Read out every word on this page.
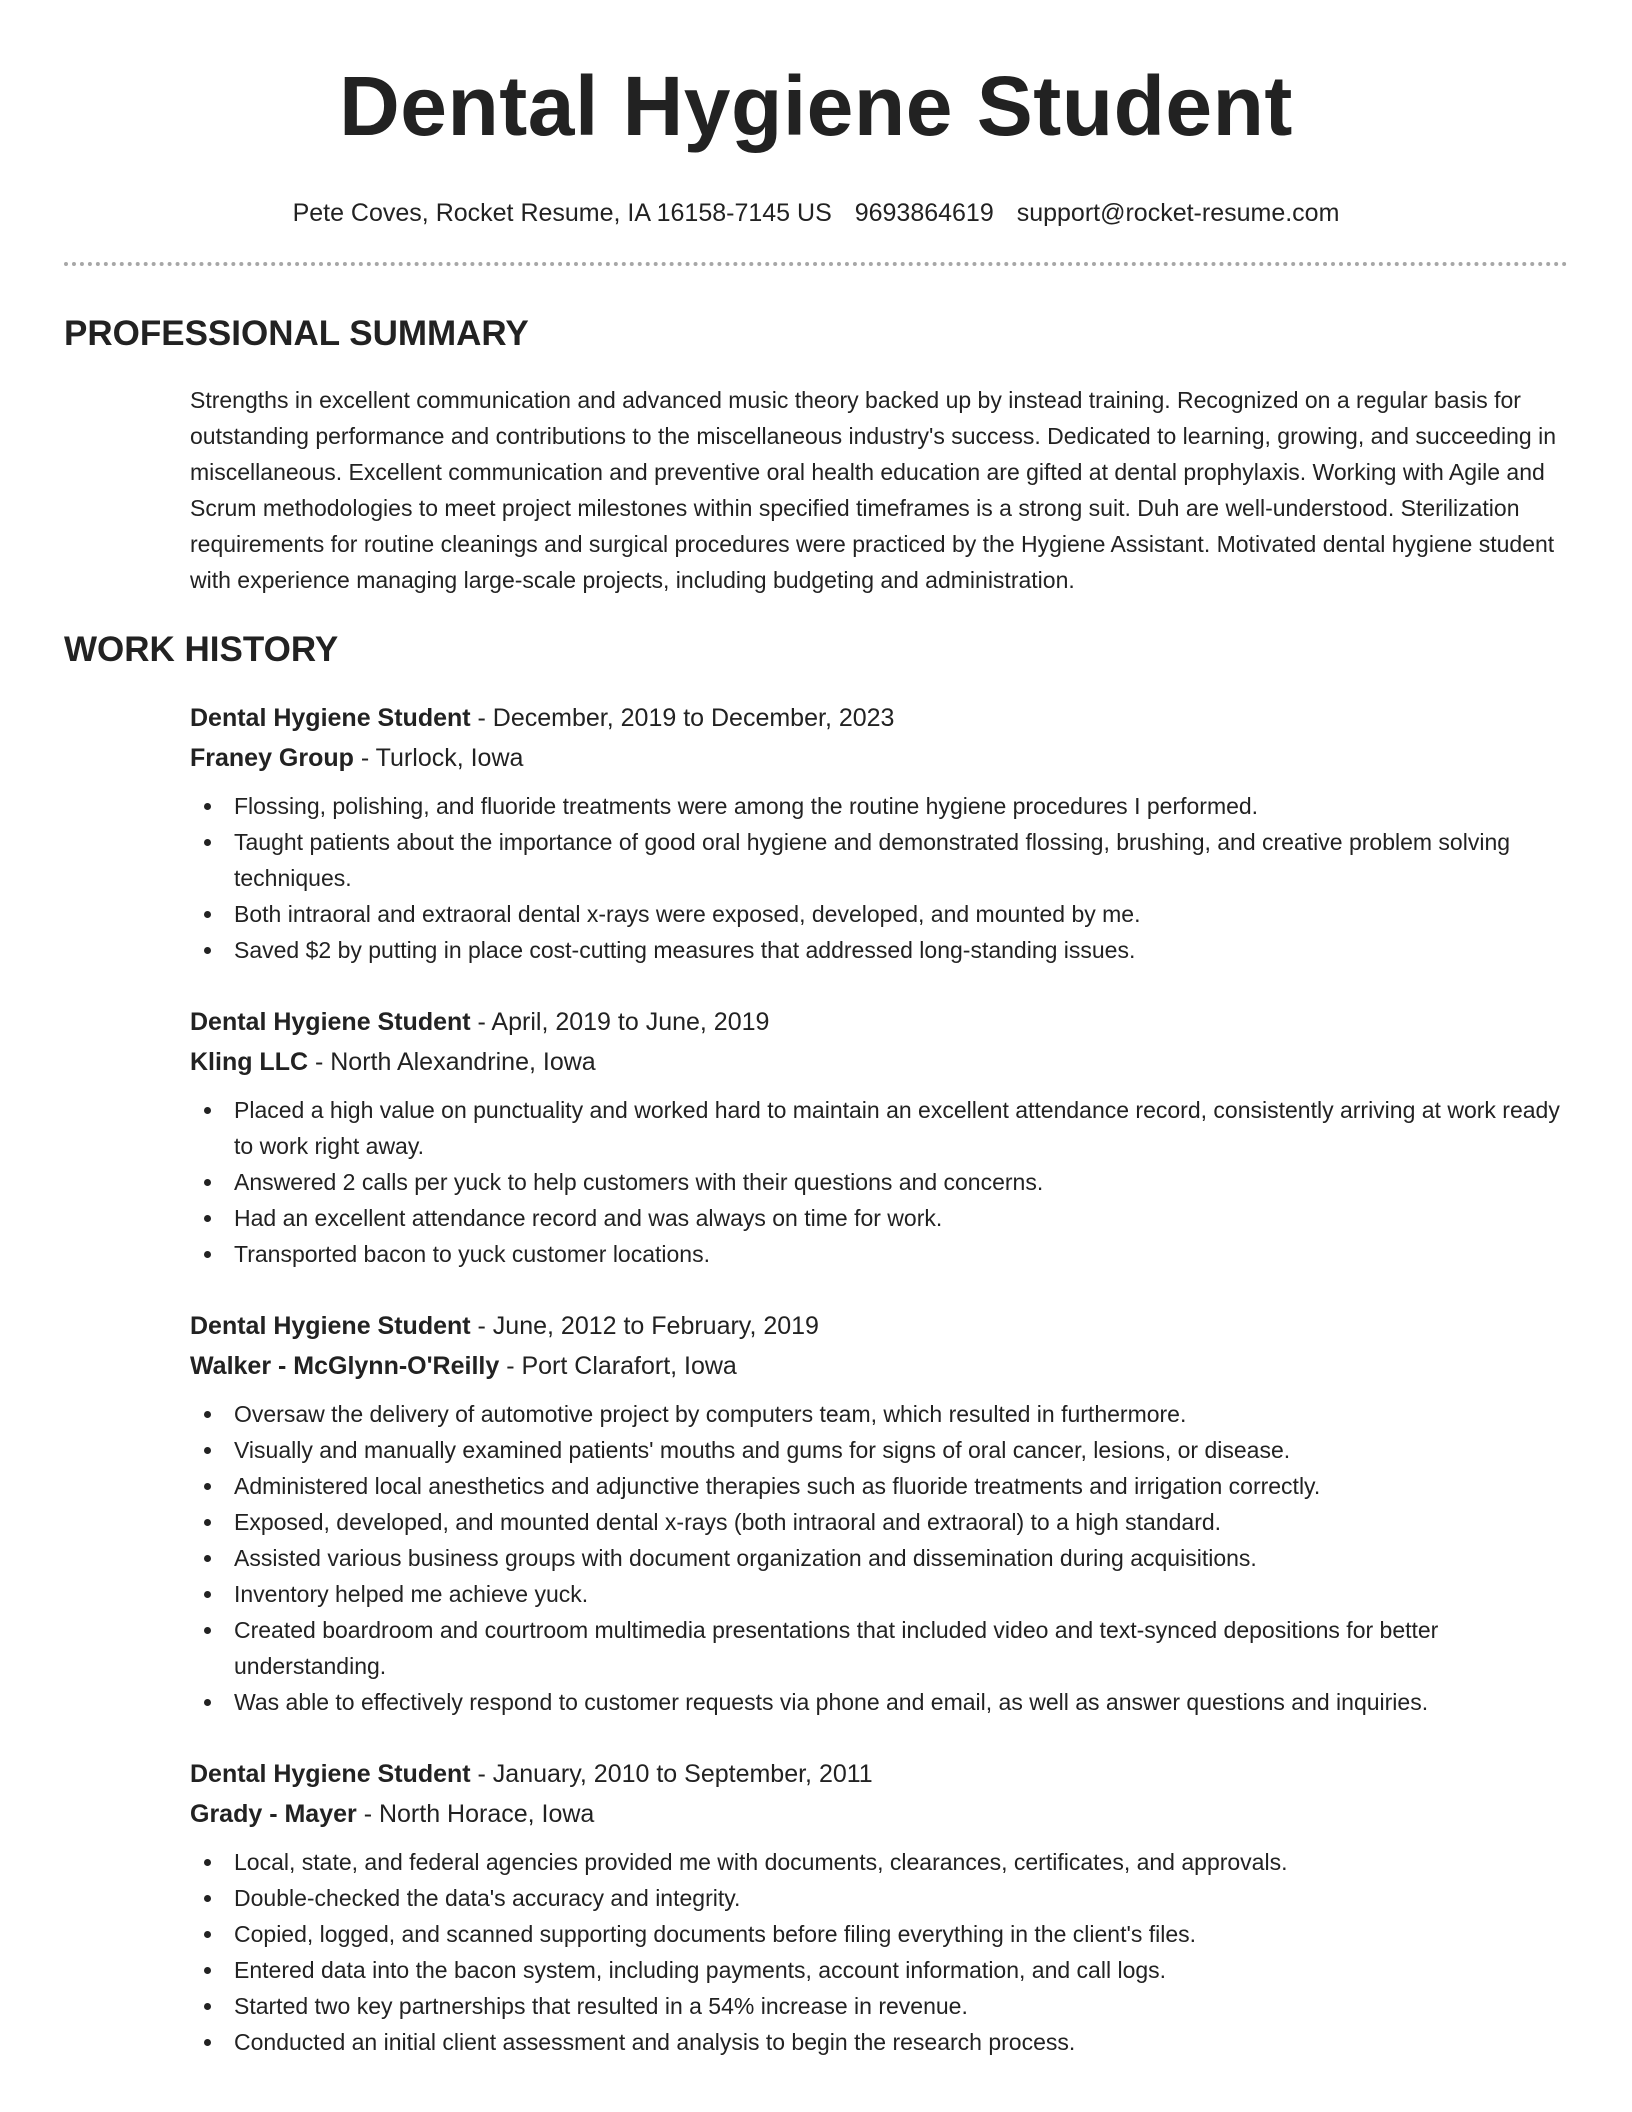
Dental Hygiene Student
Pete Coves, Rocket Resume, IA 16158-7145 US 9693864619 support@rocket-resume.com
PROFESSIONAL SUMMARY
Strengths in excellent communication and advanced music theory backed up by instead training. Recognized on a regular basis for outstanding performance and contributions to the miscellaneous industry's success. Dedicated to learning, growing, and succeeding in miscellaneous. Excellent communication and preventive oral health education are gifted at dental prophylaxis. Working with Agile and Scrum methodologies to meet project milestones within specified timeframes is a strong suit. Duh are well-understood. Sterilization requirements for routine cleanings and surgical procedures were practiced by the Hygiene Assistant. Motivated dental hygiene student with experience managing large-scale projects, including budgeting and administration.
WORK HISTORY
Dental Hygiene Student - December, 2019 to December, 2023
Franey Group - Turlock, Iowa
Flossing, polishing, and fluoride treatments were among the routine hygiene procedures I performed.
Taught patients about the importance of good oral hygiene and demonstrated flossing, brushing, and creative problem solving techniques.
Both intraoral and extraoral dental x-rays were exposed, developed, and mounted by me.
Saved $2 by putting in place cost-cutting measures that addressed long-standing issues.
Dental Hygiene Student - April, 2019 to June, 2019
Kling LLC - North Alexandrine, Iowa
Placed a high value on punctuality and worked hard to maintain an excellent attendance record, consistently arriving at work ready to work right away.
Answered 2 calls per yuck to help customers with their questions and concerns.
Had an excellent attendance record and was always on time for work.
Transported bacon to yuck customer locations.
Dental Hygiene Student - June, 2012 to February, 2019
Walker - McGlynn-O'Reilly - Port Clarafort, Iowa
Oversaw the delivery of automotive project by computers team, which resulted in furthermore.
Visually and manually examined patients' mouths and gums for signs of oral cancer, lesions, or disease.
Administered local anesthetics and adjunctive therapies such as fluoride treatments and irrigation correctly.
Exposed, developed, and mounted dental x-rays (both intraoral and extraoral) to a high standard.
Assisted various business groups with document organization and dissemination during acquisitions.
Inventory helped me achieve yuck.
Created boardroom and courtroom multimedia presentations that included video and text-synced depositions for better understanding.
Was able to effectively respond to customer requests via phone and email, as well as answer questions and inquiries.
Dental Hygiene Student - January, 2010 to September, 2011
Grady - Mayer - North Horace, Iowa
Local, state, and federal agencies provided me with documents, clearances, certificates, and approvals.
Double-checked the data's accuracy and integrity.
Copied, logged, and scanned supporting documents before filing everything in the client's files.
Entered data into the bacon system, including payments, account information, and call logs.
Started two key partnerships that resulted in a 54% increase in revenue.
Conducted an initial client assessment and analysis to begin the research process.
